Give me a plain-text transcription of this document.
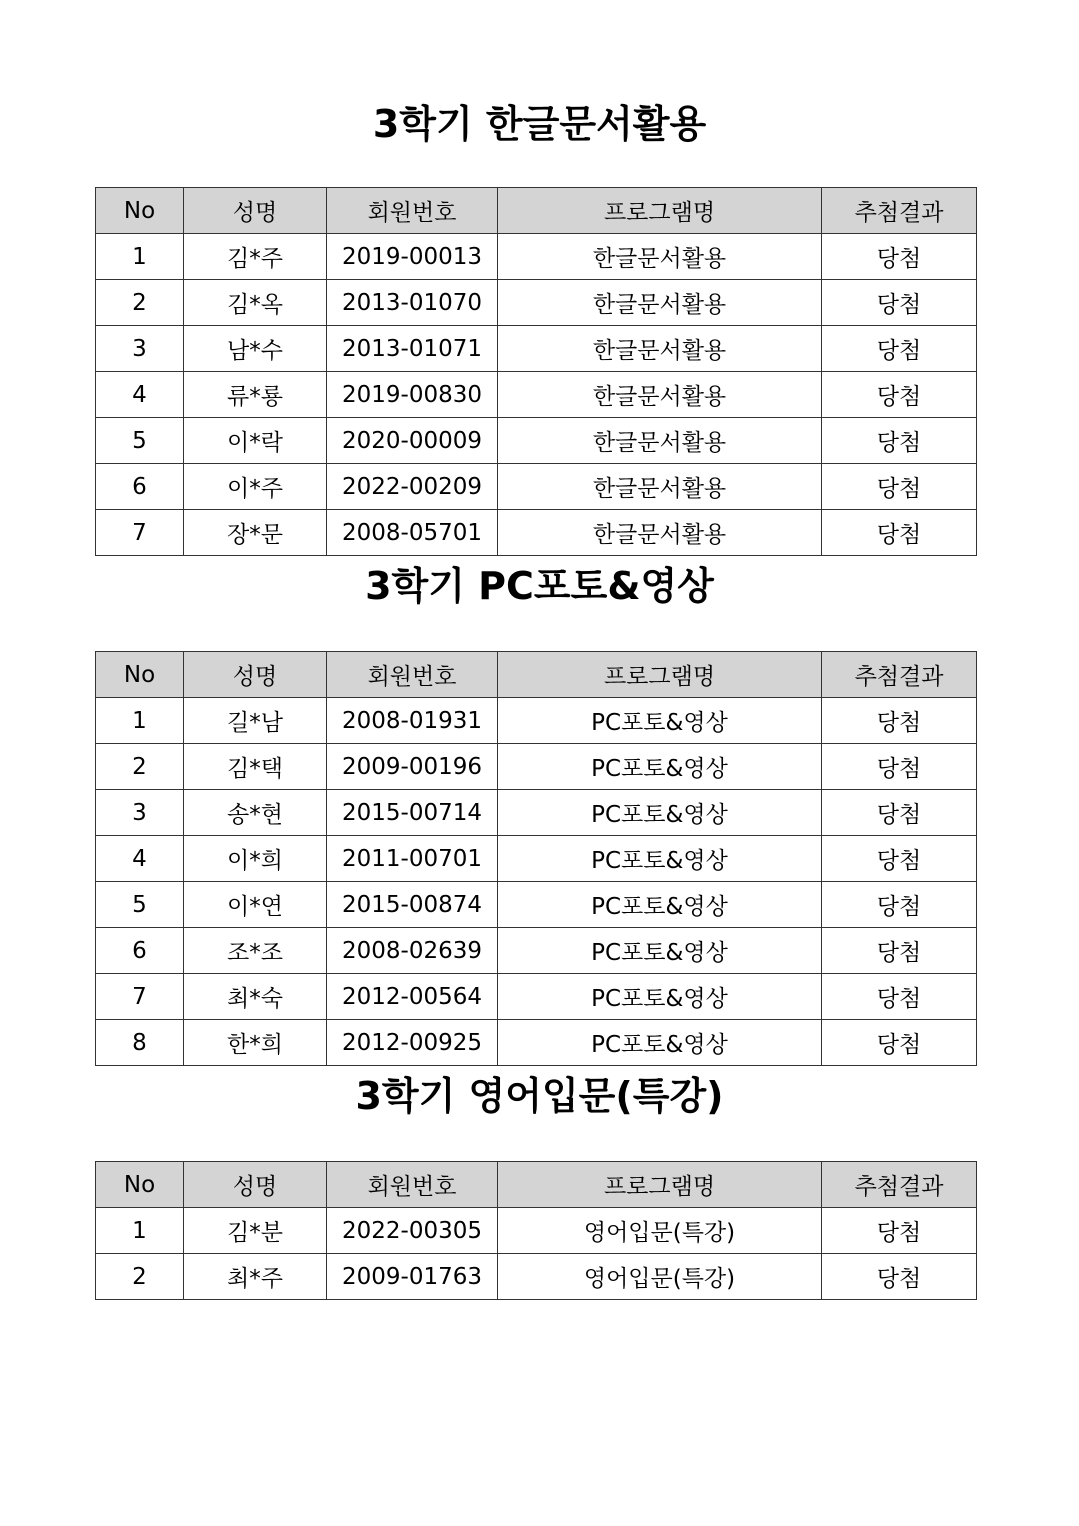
3학기 한글문서활용
No	성명	회원번호	프로그램명	추첨결과
1	김*주	2019-00013	한글문서활용	당첨
2	김*옥	2013-01070	한글문서활용	당첨
3	남*수	2013-01071	한글문서활용	당첨
4	류*룡	2019-00830	한글문서활용	당첨
5	이*락	2020-00009	한글문서활용	당첨
6	이*주	2022-00209	한글문서활용	당첨
7	장*문	2008-05701	한글문서활용	당첨
3학기 PC포토&영상
No	성명	회원번호	프로그램명	추첨결과
1	길*남	2008-01931	PC포토&영상	당첨
2	김*택	2009-00196	PC포토&영상	당첨
3	송*현	2015-00714	PC포토&영상	당첨
4	이*희	2011-00701	PC포토&영상	당첨
5	이*연	2015-00874	PC포토&영상	당첨
6	조*조	2008-02639	PC포토&영상	당첨
7	최*숙	2012-00564	PC포토&영상	당첨
8	한*희	2012-00925	PC포토&영상	당첨
3학기 영어입문(특강)
No	성명	회원번호	프로그램명	추첨결과
1	김*분	2022-00305	영어입문(특강)	당첨
2	최*주	2009-01763	영어입문(특강)	당첨
